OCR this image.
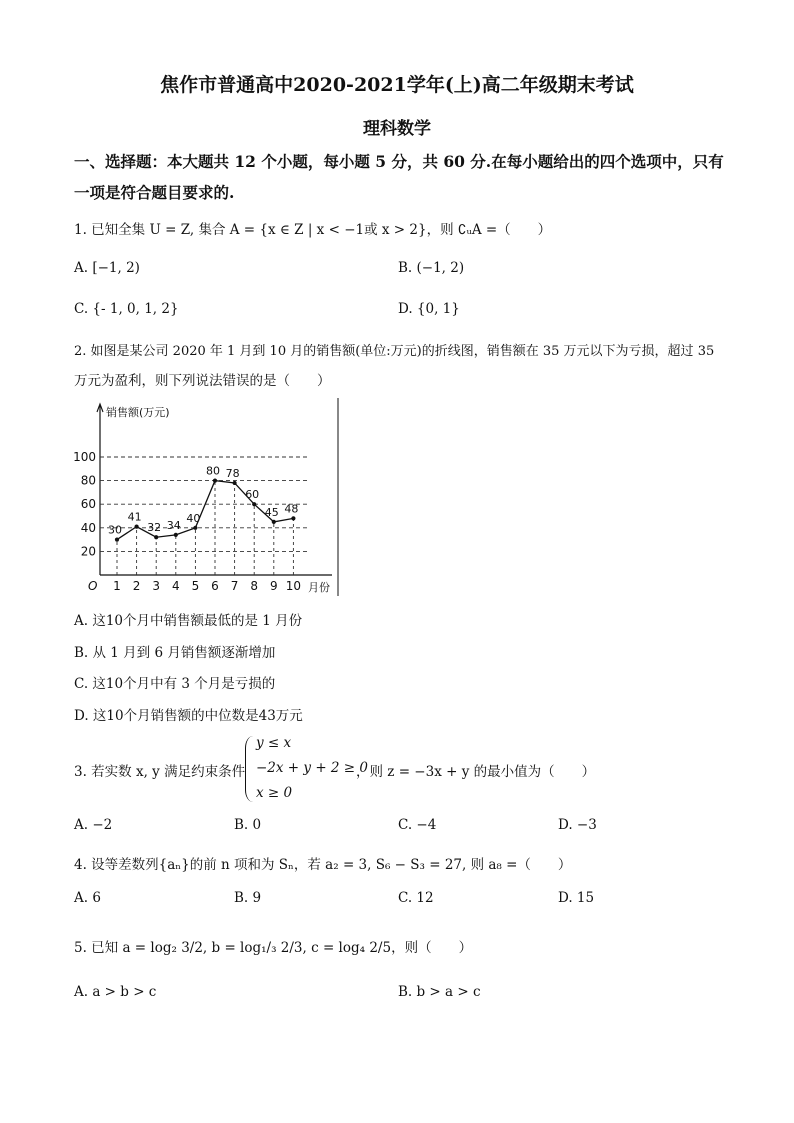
焦作市普通高中2020-2021学年(上)高二年级期末考试
理科数学
一、选择题：本大题共 12 个小题，每小题 5 分，共 60 分.在每小题给出的四个选项中，只有
一项是符合题目要求的.
1. 已知全集 U = Z, 集合 A = {x ∈ Z | x < −1或 x > 2}，则 ∁ᵤA =（　　）
A. [−1, 2)	B. (−1, 2)
C. {- 1, 0, 1, 2}	D. {0, 1}
2. 如图是某公司 2020 年 1 月到 10 月的销售额(单位:万元)的折线图，销售额在 35 万元以下为亏损，超过 35
万元为盈利，则下列说法错误的是（　　）
20
40
60
80
100
1 2 3 4 5 6 7 8 9 10
O
销售额(万元)
月份
30
41
32 34
40
80 78
60
45 48
A. 这10个月中销售额最低的是 1 月份
B. 从 1 月到 6 月销售额逐渐增加
C. 这10个月中有 3 个月是亏损的
D. 这10个月销售额的中位数是43万元
3. 若实数 x, y 满足约束条件
y ≤ x
−2x + y + 2 ≥ 0
x ≥ 0
，则 z = −3x + y 的最小值为（　　）
A. −2	B. 0	C. −4	D. −3
4. 设等差数列{aₙ}的前 n 项和为 Sₙ，若 a₂ = 3, S₆ − S₃ = 27, 则 a₈ =（　　）
A. 6	B. 9	C. 12	D. 15
5. 已知 a = log₂ 3/2, b = log₁/₃ 2/3, c = log₄ 2/5，则（　　）
A. a > b > c	B. b > a > c
